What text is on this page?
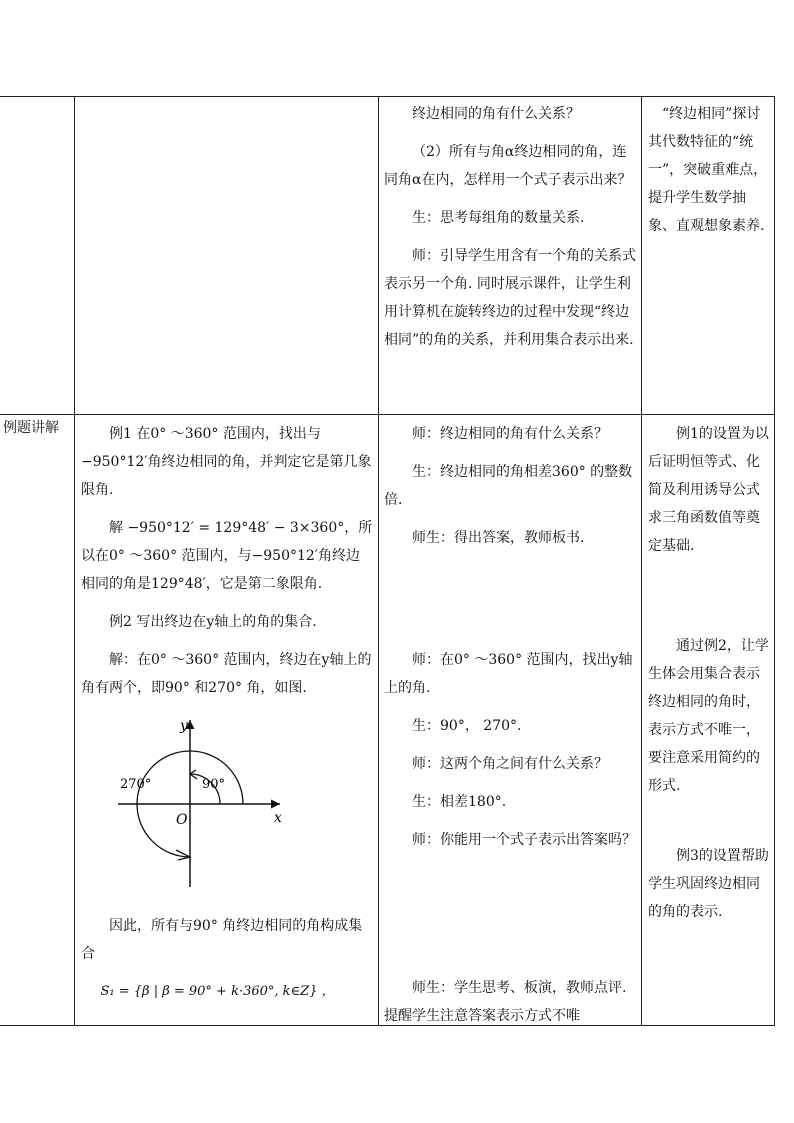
终边相同的角有什么关系？

（2）所有与角α终边相同的角，连同角α在内，怎样用一个式子表示出来？

生：思考每组角的数量关系.

师：引导学生用含有一个角的关系式表示另一个角. 同时展示课件，让学生利用计算机在旋转终边的过程中发现“终边相同”的角的关系，并利用集合表示出来.

“终边相同”探讨其代数特征的“统一”，突破重难点，提升学生数学抽象、直观想象素养.

例题讲解	例1 在0° ～360° 范围内，找出与−950°12′角终边相同的角，并判定它是第几象限角.

解 −950°12′ = 129°48′ − 3×360°，所以在0° ～360° 范围内，与−950°12′角终边相同的角是129°48′，它是第二象限角.

例2 写出终边在y轴上的角的集合.

解：在0° ～360° 范围内，终边在y轴上的角有两个，即90° 和270° 角，如图.

y
x
O
90°
270°

因此，所有与90° 角终边相同的角构成集合

S₁ = {β | β = 90° + k·360°, k∈Z} ，

师：终边相同的角有什么关系？

生：终边相同的角相差360° 的整数倍.

师生：得出答案，教师板书.

师：在0° ～360° 范围内，找出y轴上的角.

生：90°， 270°.

师：这两个角之间有什么关系？

生：相差180°.

师：你能用一个式子表示出答案吗？

师生：学生思考、板演，教师点评. 提醒学生注意答案表示方式不唯

例1的设置为以后证明恒等式、化简及利用诱导公式求三角函数值等奠定基础.

通过例2，让学生体会用集合表示终边相同的角时，表示方式不唯一，要注意采用简约的形式.

例3的设置帮助学生巩固终边相同的角的表示.
